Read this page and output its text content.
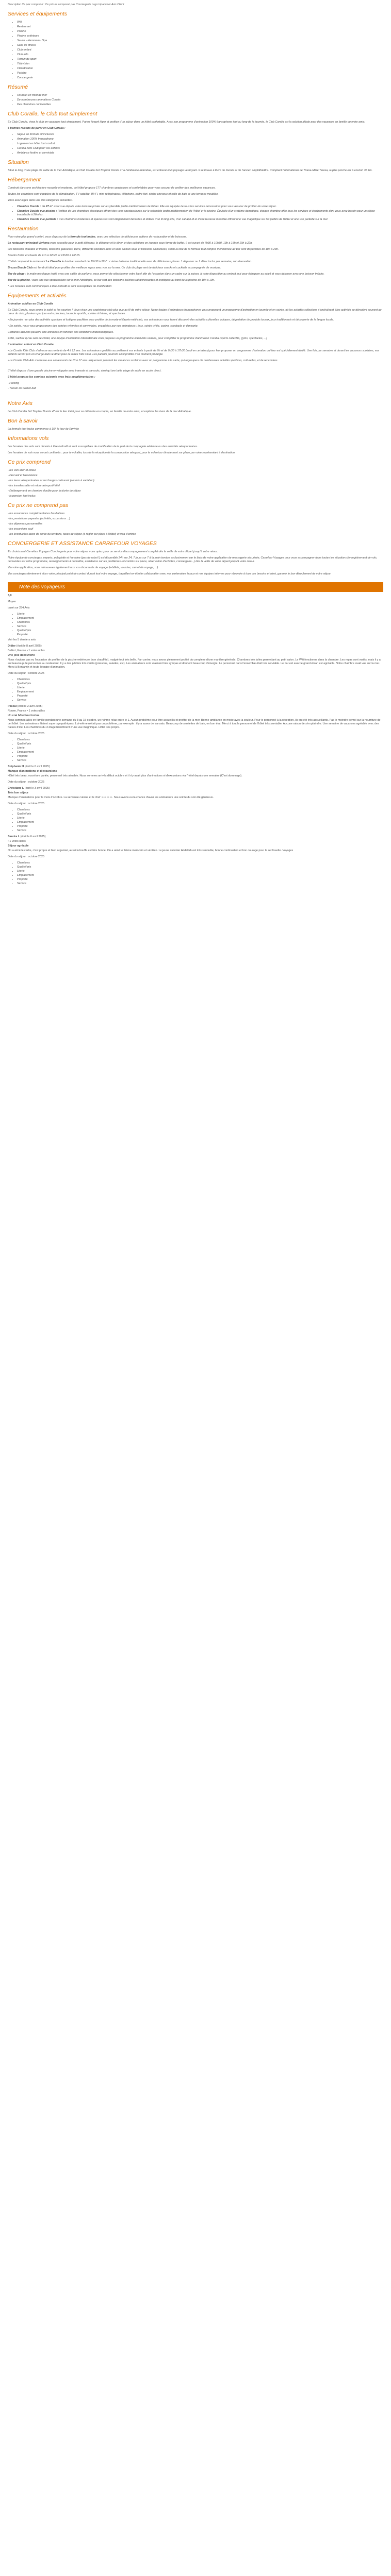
Description Ce prix comprend : Ce prix ne comprend pas Conciergerie Logo tripadvisor Avis Client

Services et équipements
• Wifi
• Restaurant
• Piscine
• Piscine extérieure
• Sauna - Hammam - Spa
• Salle de fitness
• Club enfant
• Club ado
• Terrain de sport
• Télévision
• Climatisation
• Parking
• Conciergerie
Résumé
• Un hôtel en front de mer
• De nombreuses animations Coralia
• Des chambres confortables
Club Coralia, le Club tout simplement

En Club Coralia, vivez le club en vacances tout simplement. Partez l'esprit léger et profitez d'un séjour dans un hôtel confortable. Avec son programme d'animation 100% francophone tout au long de la journée, le Club Coralia est la solution idéale pour des vacances en famille ou entre amis.

5 bonnes raisons de partir en Club Coralia :

• Séjour en formule all inclusive
• Animation 100% francophone
• Logement en hôtel tout confort
• Coralia Kids Club pour vos enfants
• Ambiance festive et conviviale
Situation

Situé le long d'une plage de sable de la mer Adriatique, le Club Coralia Sol Tropikal Dorrës 4* a l'ambiance détendue, est entouré d'un paysage verdoyant. Il se trouve à 8 km de Durrës et de l'ancien amphithéâtre. Comptant l'international de Tirana-Mère Teresa, la plus proche est à environ 35 km.

Hébergement

Construit dans une architecture nouvelle et moderne, cet hôtel propose 177 chambres spacieuses et confortables pour vous assurer de profiter des meilleures vacances.

Toutes les chambres sont équipées de la climatisation, TV satellite, Wi-Fi, mini-réfrigérateur, téléphone, coffre-fort, sèche-cheveux et salle de bain et une terrasse meublée.

Vous avez logés dans une des catégories suivantes :

• Chambre Double : de 27 m² avec vue depuis votre terrasse privée sur le splendide jardin méditerranéen de l'hôtel. Elle est équipée de tous les services nécessaires pour vous assurer de profiter de votre séjour.
• Chambre Double vue piscine : Profitez de vos chambres classiques offrant des vues spectaculaires sur le splendide jardin méditerranéen de l'hôtel et la piscine. Équipée d'un système domotique, chaque chambre offre tous les services et équipements dont vous avez besoin pour un séjour inoubliable à 26m²ex.
• Chambre Double vue partielle : Ces chambres modernes et spacieuses sont élégamment décorées et dotées d'un lit king size, d'un canapé-lit et d'une terrasse meublée offrant une vue magnifique sur les jardins de l'hôtel et une vue partielle sur la mer.
Restauration

Pour votre plus grand confort, vous disposez de la formule tout inclus, avec une sélection de délicieuses options de restauration et de boissons.

Le restaurant principal Verkona vous accueille pour le petit déjeuner, le déjeuner et le dîner, et des collations en journée sous forme de buffet. Il est ouvert de 7h30 à 10h30, 13h à 15h et 19h à 22h.

Les boissons chaudes et froides, boissons gazeuses, bière, différents cocktails avec et sans alcools sous et boissons alcoolisées, selon la liste de la formule tout compris mentionnée au bar sont disponibles de 10h à 23h.

Snacks froids et chauds de 11h à 12h45 et 15h30 à 16h15.

L'hôtel comprend le restaurant La Chandia le lundi au vendredi de 10h30 à 22h* : cuisine italienne traditionnelle avec de délicieuses pizzas. 1 déjeuner ou 1 dîner inclus par semaine, sur réservation.

Brezza Beach Club est l'endroit idéal pour profiter des meilleurs repas avec vue sur la mer. Ce club de plage sert de délicieux snacks et cocktails accompagnés de musique.

Bar de plage : le matin mixologue invité avec une saillie de parfums, vous permet de sélectionner votre bien! afin de l'occasion dans un cadre sur la saison, à votre disposition au endroit tout pour échapper au soleil et vous délasser avec une boisson fraîche.

Bar de la piscine : avec une vue spectaculaire sur la mer Adriatique, ce bar sert des boissons fraîches rafraichissantes et exotiques au bord de la piscine de 10h à 19h.

* Les horaires sont communiqués à titre indicatif et sont susceptibles de modification

Équipements et activités

Animation adultes en Club Coralia

En Club Coralia, nous avons le soleil et les sourires ! Vous vivez une expérience club plus que au fil de votre séjour. Notre équipe d'animateurs francophones vous proposent un programme d'animation en journée et en soirée, où les activités collectives s'enchaînent. Nos activités se déroulent souvent au cœur du club, plusieurs par jour entre piscines, tournois sportifs, soirées à thème, et spectacles.

• En journée : un plus des activités sportives et ludiques pacifiées pour profiter de la mode et l'après-midi club, vos animateurs vous feront découvrir des activités culturelles typiques, dégustation de produits locaux, jeux traditionnels et découverte de la langue locale.

• En soirée, nous vous proposerons des soirées rythmées et conviviales, encadrées par nos animateurs : jeux, soirée white, casino, spectacle et dansante.

Certaines activités peuvent être annulées en fonction des conditions météorologiques.

Enfin, sachez qu'au sein de l'hôtel, une équipe d'animation internationale vous propose un programme d'activités variées, pour compléter le programme d'animation Coralia (sports collectifs, gyms, spectacles, ...)

L'animation enfant en Club Coralia

• Le Coralia Kids Club s'adresse aux enfants de 4 à 12 ans. Les animateurs qualifiés accueilleront vos enfants à partir de 9h et de 9h30 à 17h30 (sauf en certaines) pour leur proposer un programme d'animation qui leur est spécialement dédié. Une fois par semaine et durant les vacances scolaires, vos enfants seront pris en charge dans le dîner pour la soirée Kids Club. Les parents pourront ainsi profiter d'un moment privilégié.

• Le Coralia Club Ado s'adresse aux adolescents de 13 à 17 ans uniquement pendant les vacances scolaires avec un programme à la carte, qui regroupera de nombreuses activités sportives, culturelles, et de rencontres.

L'hôtel dispose d'une grande piscine enveloppée avec transats et parasols, ainsi qu'une belle plage de sable en accès direct.

L'hôtel propose les services suivants avec frais supplémentaires :

- Parking

- Terrain de basket-ball

Notre Avis

Le Club Coralia Sol Tropikal Durrës 4* est le lieu idéal pour se détendre en couple, en famille ou entre amis, et explorer les rives de la mer Adriatique.

Bon à savoir

La formule tout inclus commence à 15h le jour de l'arrivée

Informations vols

Les horaires des vols sont donnés à titre indicatif et sont susceptibles de modification de la part de la compagnie aérienne ou des autorités aéroportuaires.

Les horaires de vols vous seront confirmés : pour le vol aller, lors de la réception de la convocation aéroport, pour le vol retour directement sur place par votre représentant à destination.

Ce prix comprend

- les vols aller et retour

- l'accueil et l'assistance

- les taxes aéroportuaires et surcharges carburant (soumis à variation)

- les transfers aller et retour aéroport/hôtel

- l'hébergement en chambre double pour la durée du séjour

- la pension tout inclus

Ce prix ne comprend pas

- les assurances complémentaires facultatives

- les prestations payantes (activités, excursions ...)

- les dépenses personnelles

- les excursions sauf

- les éventuelles taxes de sortie du territoire, taxes de séjour (à régler sur place à l'hôtel) et visa d'entrée

CONCIERGERIE ET ASSISTANCE CARREFOUR VOYAGES

En choisissant Carrefour Voyages Conciergerie pour votre séjour, vous optez pour un service d'accompagnement complet dès la veille de votre départ jusqu'à votre retour.

Notre équipe de concierges, experts, polyglotte et humaine (pas de robot !) est disponible 24h sur 24, 7 jours sur 7 à la main tendue exclusivement par le biais de notre application de messagerie sécurisée, Carrefour Voyages pour vous accompagner dans toutes les situations (enregistrement de vols, demandes sur votre programme, renseignements à connaître, assistance sur les problèmes rencontrés sur place, réservation d'activités, conciergerie...) dès la veille de votre départ jusqu'à votre retour.

Via votre application, vous retrouverez également tous vos documents de voyage (e-billets, voucher, carnet de voyage, ...)

Vos concierges deviennent alors votre principal point de contact durant tout votre voyage, travaillant en étroite collaboration avec nos partenaires locaux et nos équipes internes pour répondre à tous vos besoins et ainsi, garantir le bon déroulement de votre séjour.

Note des voyageurs

3,9

Moyen

basé sur 284 Avis

• Literie
• Emplacement
• Chambres
• Service
• Qualité/prix
• Propreté

Voir les 5 derniers avis

Didier (écrit le 8 avril 2025)

Belfort, France • 1 votes utiles

Une jolie découverte

Nous n'avions pas eu l'occasion de profiter de la piscine extérieure (non chauffée), malgré tout très belle. Par contre, nous avons pleinement profité du complexe d'une manière générale. Chambres très jolies permettant au petit salon. Le Wifi fonctionne dans la chambre. Les repas sont variés, mais il y a eu beaucoup de personnes au restaurant. Il y a des pêchés très variés (poissons, salades, etc). Les animateurs sont vraiment très sympas et donnent beaucoup d'énergie. Le personnel dans l'ensemble était très serviable. Le bar est avec le grand écran est agréable. Notre chambre avait vue sur la mer. Merci à Benjamin et toute l'équipe d'animation.

Date du séjour : octobre 2025

• Chambres
• Qualité/prix
• Literie
• Emplacement
• Propreté
• Service

Pascal (écrit le 2 avril 2025)

Rouen, France • 1 votes utiles

Un vrai hôtel tout inclus

Nous sommes allés en famille pendant une semaine du 8 au 15 octobre, un rythme relax entre le 1. Aucun problème pour être accueillis et profiter de la mer. Bonne ambiance en mode avec la couleur. Pour le personnel à la réception, ils ont été très accueillants. Pas le moindre bémol sur la nourriture de cet hôtel. Les animateurs étaient super sympathiques. Lui-même n'était pas un problème, par exemple : il y a assez de transats. Beaucoup de serviettes de bain, en bon état. Merci à tout le personnel de l'hôtel très serviable. Aucune raison de s'en plaindre. Une semaine de vacances agréable avec des fraises d'été. Les chambres du 3 étage bénéficient d'une vue magnifique. Hôtel très propre.

Date du séjour : octobre 2025

• Chambres
• Qualité/prix
• Literie
• Emplacement
• Propreté
• Service

Stéphanie H (écrit le 6 avril 2025)

Manque d'animations et d'excursions

Hôtel très beau, nourriture variée, personnel très aimable. Nous sommes arrivés début octobre et il n'y avait plus d'animations ni d'excursions via l'hôtel depuis une semaine (C'est dommage).

Date du séjour : octobre 2025

Christiane L (écrit le 3 avril 2025)

Très bon séjour

Manque d'animations pour le mois d'octobre. La serveuse cuisine et le chef ☺☺☺☺. Nous avons eu la chance d'avoir les animateurs une soirée du soir été généreux.

Date du séjour : octobre 2025

• Chambres
• Qualité/prix
• Literie
• Emplacement
• Propreté
• Service

Sandra L (écrit le 6 avril 2025)

• 1 votes utiles

Séjour agréable

On a aimé le cadre, c'est propre et bien organisé, aussi la bouffe est très bonne. On a aimé le thème marocain et vénitien. Le jeune cuisinier Abdallah est très serviable, bonne continuation et bon courage pour la set fouette. Voyages

Date du séjour : octobre 2025

• Chambres
• Qualité/prix
• Literie
• Emplacement
• Propreté
• Service
